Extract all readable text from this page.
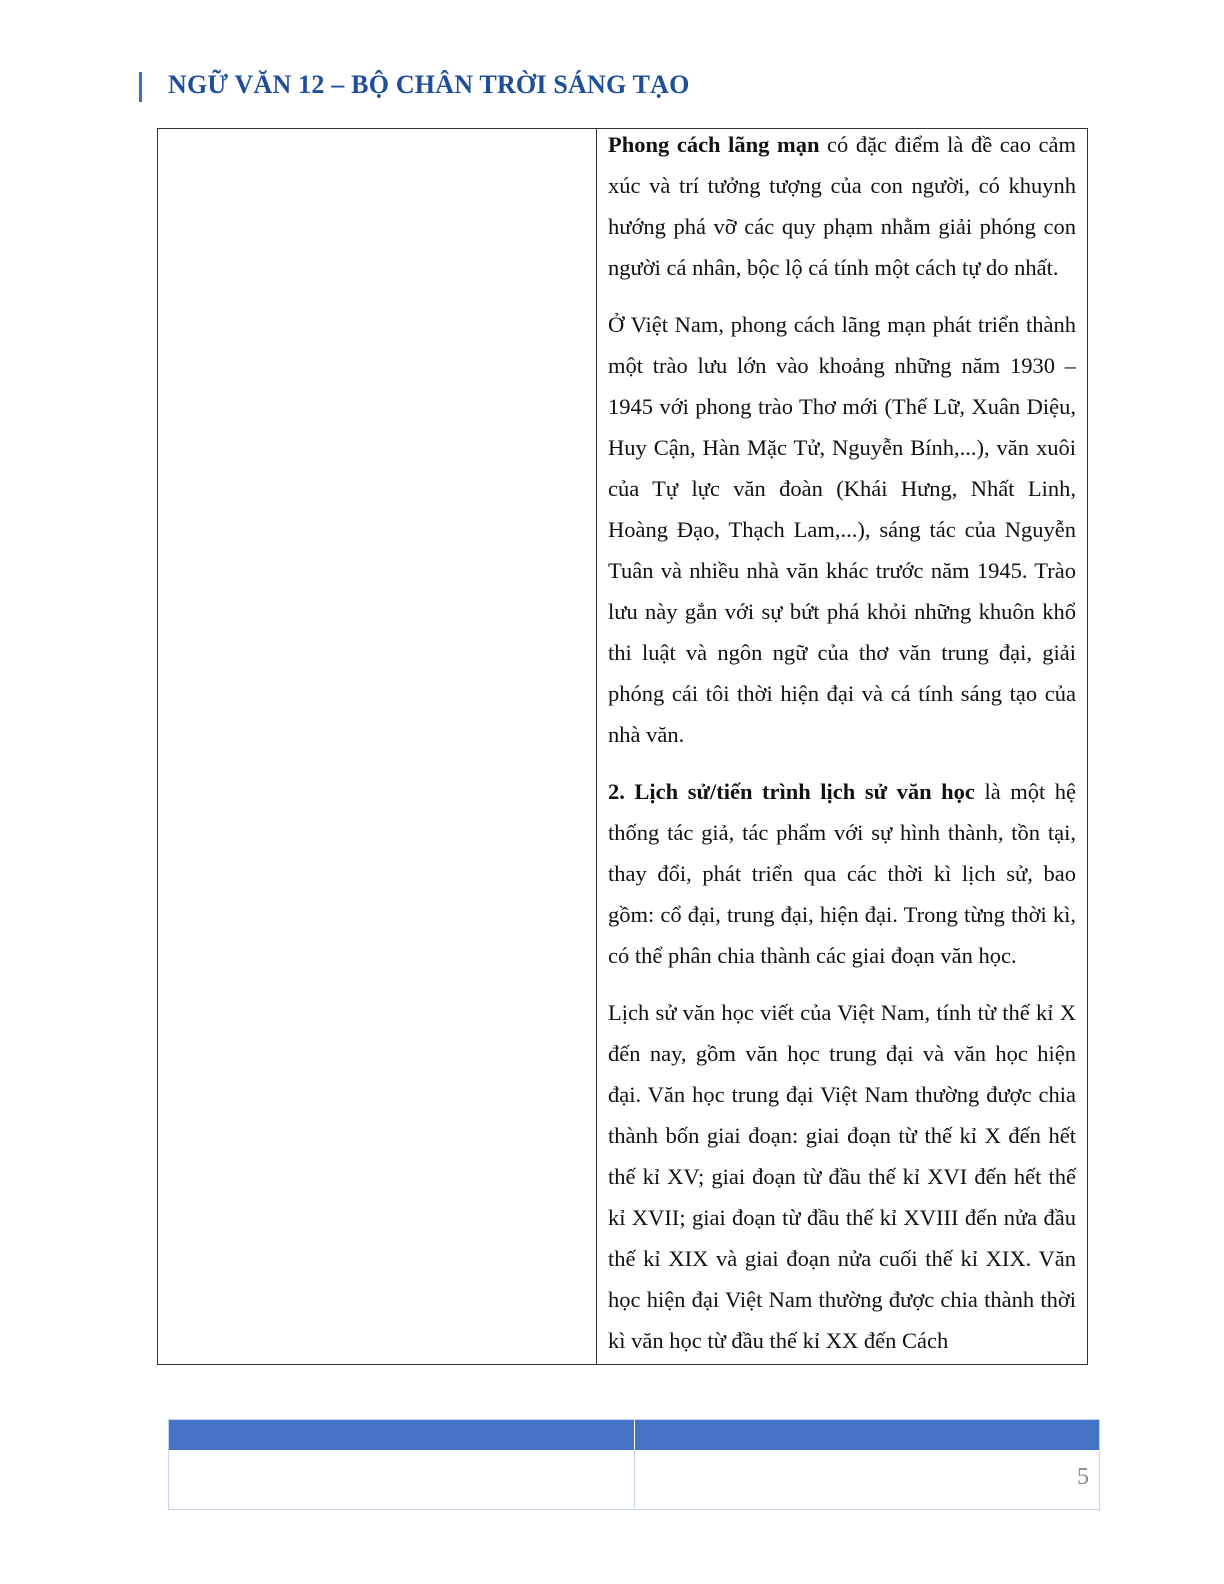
NGỮ VĂN 12 – BỘ CHÂN TRỜI SÁNG TẠO

Phong cách lãng mạn có đặc điểm là đề cao cảm xúc và trí tưởng tượng của con người, có khuynh hướng phá vỡ các quy phạm nhằm giải phóng con người cá nhân, bộc lộ cá tính một cách tự do nhất.

Ở Việt Nam, phong cách lãng mạn phát triển thành một trào lưu lớn vào khoảng những năm 1930 – 1945 với phong trào Thơ mới (Thế Lữ, Xuân Diệu, Huy Cận, Hàn Mặc Tử, Nguyễn Bính,...), văn xuôi của Tự lực văn đoàn (Khái Hưng, Nhất Linh, Hoàng Đạo, Thạch Lam,...), sáng tác của Nguyễn Tuân và nhiều nhà văn khác trước năm 1945. Trào lưu này gắn với sự bứt phá khỏi những khuôn khổ thi luật và ngôn ngữ của thơ văn trung đại, giải phóng cái tôi thời hiện đại và cá tính sáng tạo của nhà văn.

2. Lịch sử/tiến trình lịch sử văn học là một hệ thống tác giả, tác phẩm với sự hình thành, tồn tại, thay đổi, phát triển qua các thời kì lịch sử, bao gồm: cổ đại, trung đại, hiện đại. Trong từng thời kì, có thể phân chia thành các giai đoạn văn học.

Lịch sử văn học viết của Việt Nam, tính từ thế kỉ X đến nay, gồm văn học trung đại và văn học hiện đại. Văn học trung đại Việt Nam thường được chia thành bốn giai đoạn: giai đoạn từ thế kỉ X đến hết thế kỉ XV; giai đoạn từ đầu thế kỉ XVI đến hết thế kỉ XVII; giai đoạn từ đầu thế kỉ XVIII đến nửa đầu thế kỉ XIX và giai đoạn nửa cuối thế kỉ XIX. Văn học hiện đại Việt Nam thường được chia thành thời kì văn học từ đầu thế kỉ XX đến Cách

5
